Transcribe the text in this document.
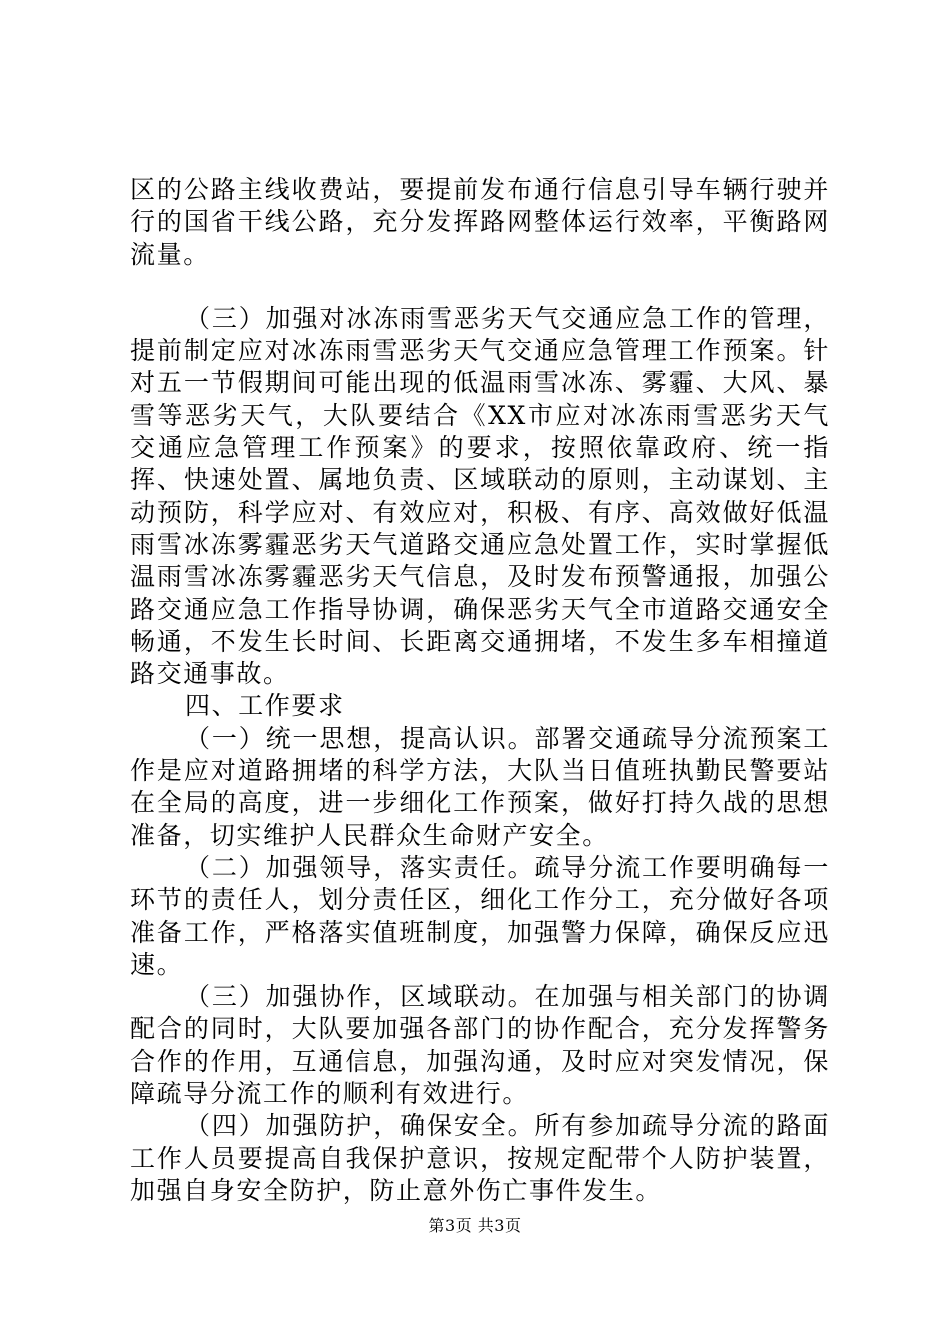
区的公路主线收费站，要提前发布通行信息引导车辆行驶并行的国省干线公路，充分发挥路网整体运行效率，平衡路网流量。

（三）加强对冰冻雨雪恶劣天气交通应急工作的管理，提前制定应对冰冻雨雪恶劣天气交通应急管理工作预案。针对五一节假期间可能出现的低温雨雪冰冻、雾霾、大风、暴雪等恶劣天气，大队要结合《XX市应对冰冻雨雪恶劣天气交通应急管理工作预案》的要求，按照依靠政府、统一指挥、快速处置、属地负责、区域联动的原则，主动谋划、主动预防，科学应对、有效应对，积极、有序、高效做好低温雨雪冰冻雾霾恶劣天气道路交通应急处置工作，实时掌握低温雨雪冰冻雾霾恶劣天气信息，及时发布预警通报，加强公路交通应急工作指导协调，确保恶劣天气全市道路交通安全畅通，不发生长时间、长距离交通拥堵，不发生多车相撞道路交通事故。

四、工作要求

（一）统一思想，提高认识。部署交通疏导分流预案工作是应对道路拥堵的科学方法，大队当日值班执勤民警要站在全局的高度，进一步细化工作预案，做好打持久战的思想准备，切实维护人民群众生命财产安全。

（二）加强领导，落实责任。疏导分流工作要明确每一环节的责任人，划分责任区，细化工作分工，充分做好各项准备工作，严格落实值班制度，加强警力保障，确保反应迅速。

（三）加强协作，区域联动。在加强与相关部门的协调配合的同时，大队要加强各部门的协作配合，充分发挥警务合作的作用，互通信息，加强沟通，及时应对突发情况，保障疏导分流工作的顺利有效进行。

（四）加强防护，确保安全。所有参加疏导分流的路面工作人员要提高自我保护意识，按规定配带个人防护装置，加强自身安全防护，防止意外伤亡事件发生。

第3页 共3页
